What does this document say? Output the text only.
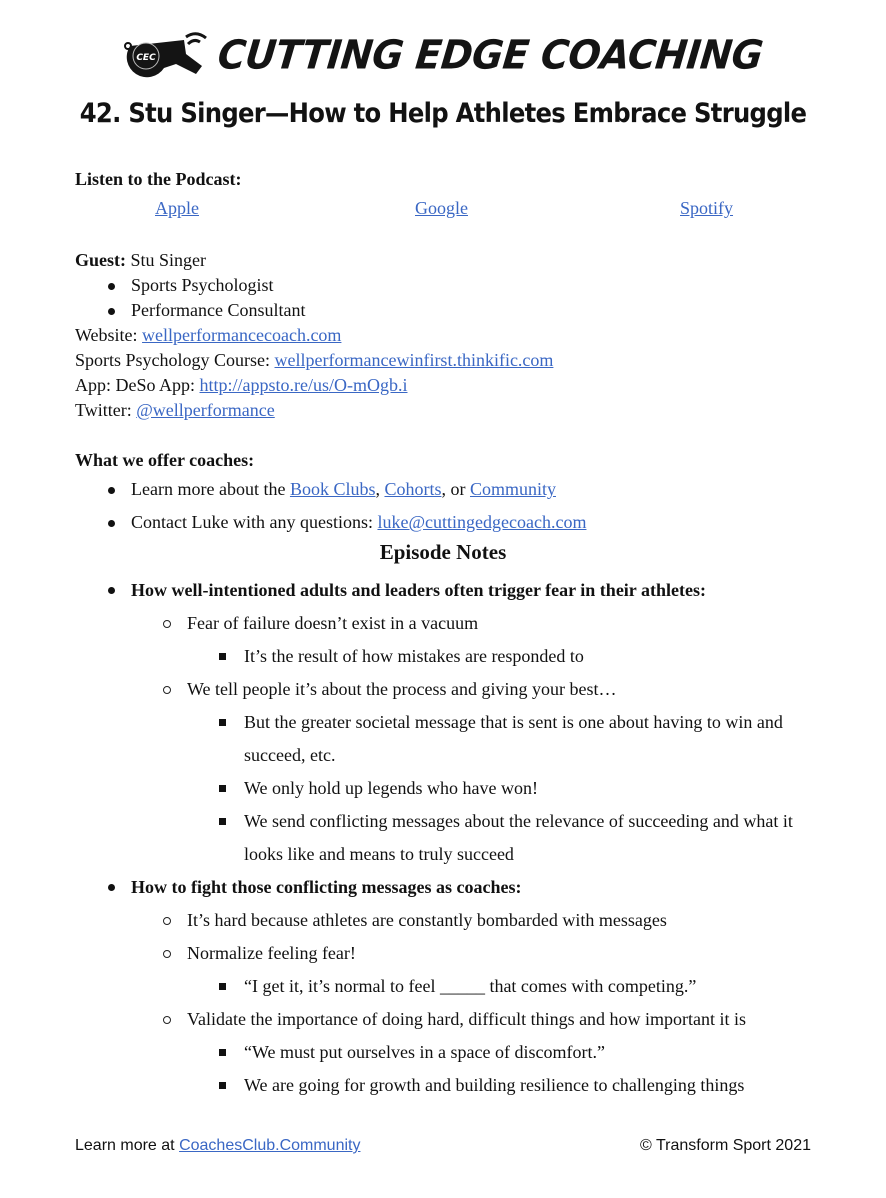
CEC CUTTING EDGE COACHING
42. Stu Singer—How to Help Athletes Embrace Struggle
Listen to the Podcast:
Apple	Google	Spotify
Guest: Stu Singer
Sports Psychologist
Performance Consultant
Website: wellperformancecoach.com
Sports Psychology Course: wellperformancewinfirst.thinkific.com
App: DeSo App: http://appsto.re/us/O-mOgb.i
Twitter: @wellperformance
What we offer coaches:
Learn more about the Book Clubs, Cohorts, or Community
Contact Luke with any questions: luke@cuttingedgecoach.com
Episode Notes
How well-intentioned adults and leaders often trigger fear in their athletes:
Fear of failure doesn’t exist in a vacuum
It’s the result of how mistakes are responded to
We tell people it’s about the process and giving your best…
But the greater societal message that is sent is one about having to win and succeed, etc.
We only hold up legends who have won!
We send conflicting messages about the relevance of succeeding and what it looks like and means to truly succeed
How to fight those conflicting messages as coaches:
It’s hard because athletes are constantly bombarded with messages
Normalize feeling fear!
“I get it, it’s normal to feel _____ that comes with competing.”
Validate the importance of doing hard, difficult things and how important it is
“We must put ourselves in a space of discomfort.”
We are going for growth and building resilience to challenging things
Learn more at CoachesClub.Community	© Transform Sport 2021
